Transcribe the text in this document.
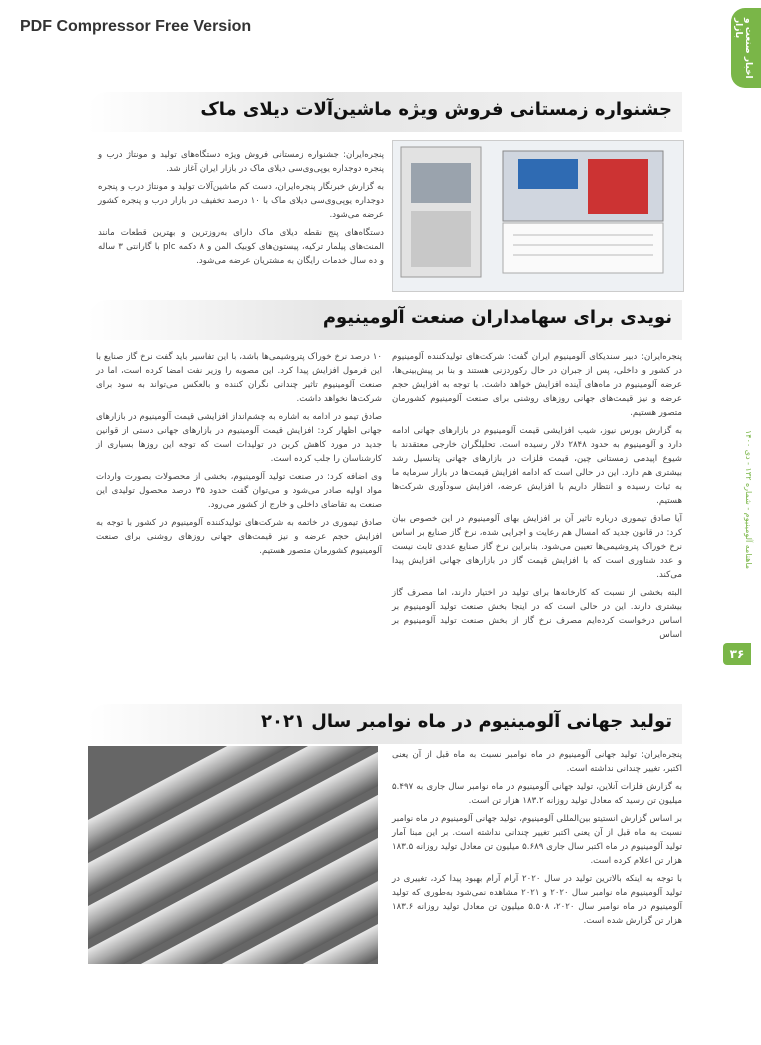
PDF Compressor Free Version	اخبار صنعت و بازار
ماهنامه آلومینیوم - شماره ۱۳۲ - دی ۱۴۰۰
۳۶
جشنواره زمستانی فروش ویژه ماشین‌آلات دیلای ماک

پنجره‌ایران: جشنواره زمستانی فروش ویژه دستگاه‌های تولید و مونتاژ درب و پنجره دوجداره یوپی‌وی‌سی دیلای ماک در بازار ایران آغاز شد.

به گزارش خبرنگار پنجره‌ایران، دست کم ماشین‌آلات تولید و مونتاژ درب و پنجره دوجداره یوپی‌وی‌سی دیلای ماک با ۱۰ درصد تخفیف در بازار درب و پنجره کشور عرضه می‌شود.

دستگاه‌های پنج نقطه دیلای ماک دارای به‌روزترین و بهترین قطعات مانند المنت‌های پیلمار ترکیه، پیستون‌های کوبیک المن و ۸ دکمه plc با گارانتی ۳ ساله و ده سال خدمات رایگان به مشتریان عرضه می‌شود.

نویدی برای سهامداران صنعت آلومینیوم

پنجره‌ایران: دبیر سندیکای آلومینیوم ایران گفت: شرکت‌های تولیدکننده آلومینیوم در کشور و داخلی، پس از جبران در حال رکوردزنی هستند و بنا بر پیش‌بینی‌ها، عرضه آلومینیوم در ماه‌های آینده افزایش خواهد داشت. با توجه به افزایش حجم عرضه و نیز قیمت‌های جهانی روزهای روشنی برای صنعت آلومینیوم کشورمان متصور هستیم.

به گزارش بورس نیوز، شیب افزایشی قیمت آلومینیوم در بازارهای جهانی ادامه دارد و آلومینیوم به حدود ۲۸۴۸ دلار رسیده است. تحلیلگران خارجی معتقدند با شیوع اپیدمی زمستانی چین، قیمت فلزات در بازارهای جهانی پتانسیل رشد بیشتری هم دارد. این در حالی است که ادامه افزایش قیمت‌ها در بازار سرمایه ما به ثبات رسیده و انتظار داریم با افزایش عرضه، افزایش سودآوری شرکت‌ها هستیم.

آیا صادق تیموری درباره تاثیر آن بر افزایش بهای آلومینیوم در این خصوص بیان کرد: در قانون جدید که امسال هم رعایت و اجرایی شده، نرخ گاز صنایع بر اساس نرخ خوراک پتروشیمی‌ها تعیین می‌شود. بنابراین نرخ گاز صنایع عددی ثابت نیست و عدد شناوری است که با افزایش قیمت گاز در بازارهای جهانی افزایش پیدا می‌کند.

البته بخشی از نسبت که کارخانه‌ها برای تولید در اختیار دارند، اما مصرف گاز بیشتری دارند. این در حالی است که در اینجا بخش صنعت تولید آلومینیوم بر اساس درخواست کرده‌ایم مصرف نرخ گاز از بخش صنعت تولید آلومینیوم بر اساس

۱۰ درصد نرخ خوراک پتروشیمی‌ها باشد، با این تفاسیر باید گفت نرخ گاز صنایع با این فرمول افزایش پیدا کرد. این مصوبه را وزیر نفت امضا کرده است، اما در صنعت آلومینیوم تاثیر چندانی نگران کننده و بالعکس می‌تواند به سود برای شرکت‌ها نخواهد داشت.

صادق تیمو در ادامه به اشاره به چشم‌انداز افزایشی قیمت آلومینیوم در بازارهای جهانی اظهار کرد: افزایش قیمت آلومینیوم در بازارهای جهانی دستی از قوانین جدید در مورد کاهش کربن در تولیدات است که توجه این روزها بسیاری از کارشناسان را جلب کرده است.

وی اضافه کرد: در صنعت تولید آلومینیوم، بخشی از محصولات بصورت واردات مواد اولیه صادر می‌شود و می‌توان گفت حدود ۳۵ درصد محصول تولیدی این صنعت به تقاضای داخلی و خارج از کشور می‌رود.

صادق تیموری در خاتمه به شرکت‌های تولیدکننده آلومینیوم در کشور با توجه به افزایش حجم عرضه و نیز قیمت‌های جهانی روزهای روشنی برای صنعت آلومینیوم کشورمان متصور هستیم.

تولید جهانی آلومینیوم در ماه نوامبر سال ۲۰۲۱

پنجره‌ایران: تولید جهانی آلومینیوم در ماه نوامبر نسبت به ماه قبل از آن یعنی اکتبر، تغییر چندانی نداشته است.

به گزارش فلزات آنلاین، تولید جهانی آلومینیوم در ماه نوامبر سال جاری به ۵.۴۹۷ میلیون تن رسید که معادل تولید روزانه ۱۸۳.۲ هزار تن است.

بر اساس گزارش انستیتو بین‌المللی آلومینیوم، تولید جهانی آلومینیوم در ماه نوامبر نسبت به ماه قبل از آن یعنی اکتبر تغییر چندانی نداشته است. بر این مبنا آمار تولید آلومینیوم در ماه اکتبر سال جاری ۵.۶۸۹ میلیون تن معادل تولید روزانه ۱۸۳.۵ هزار تن اعلام کرده است.

با توجه به اینکه بالاترین تولید در سال ۲۰۲۰ آرام آرام بهبود پیدا کرد، تغییری در تولید آلومینیوم ماه نوامبر سال ۲۰۲۰ و ۲۰۲۱ مشاهده نمی‌شود به‌طوری که تولید آلومینیوم در ماه نوامبر سال ۲۰۲۰، ۵.۵۰۸ میلیون تن معادل تولید روزانه ۱۸۳.۶ هزار تن گزارش شده است.
